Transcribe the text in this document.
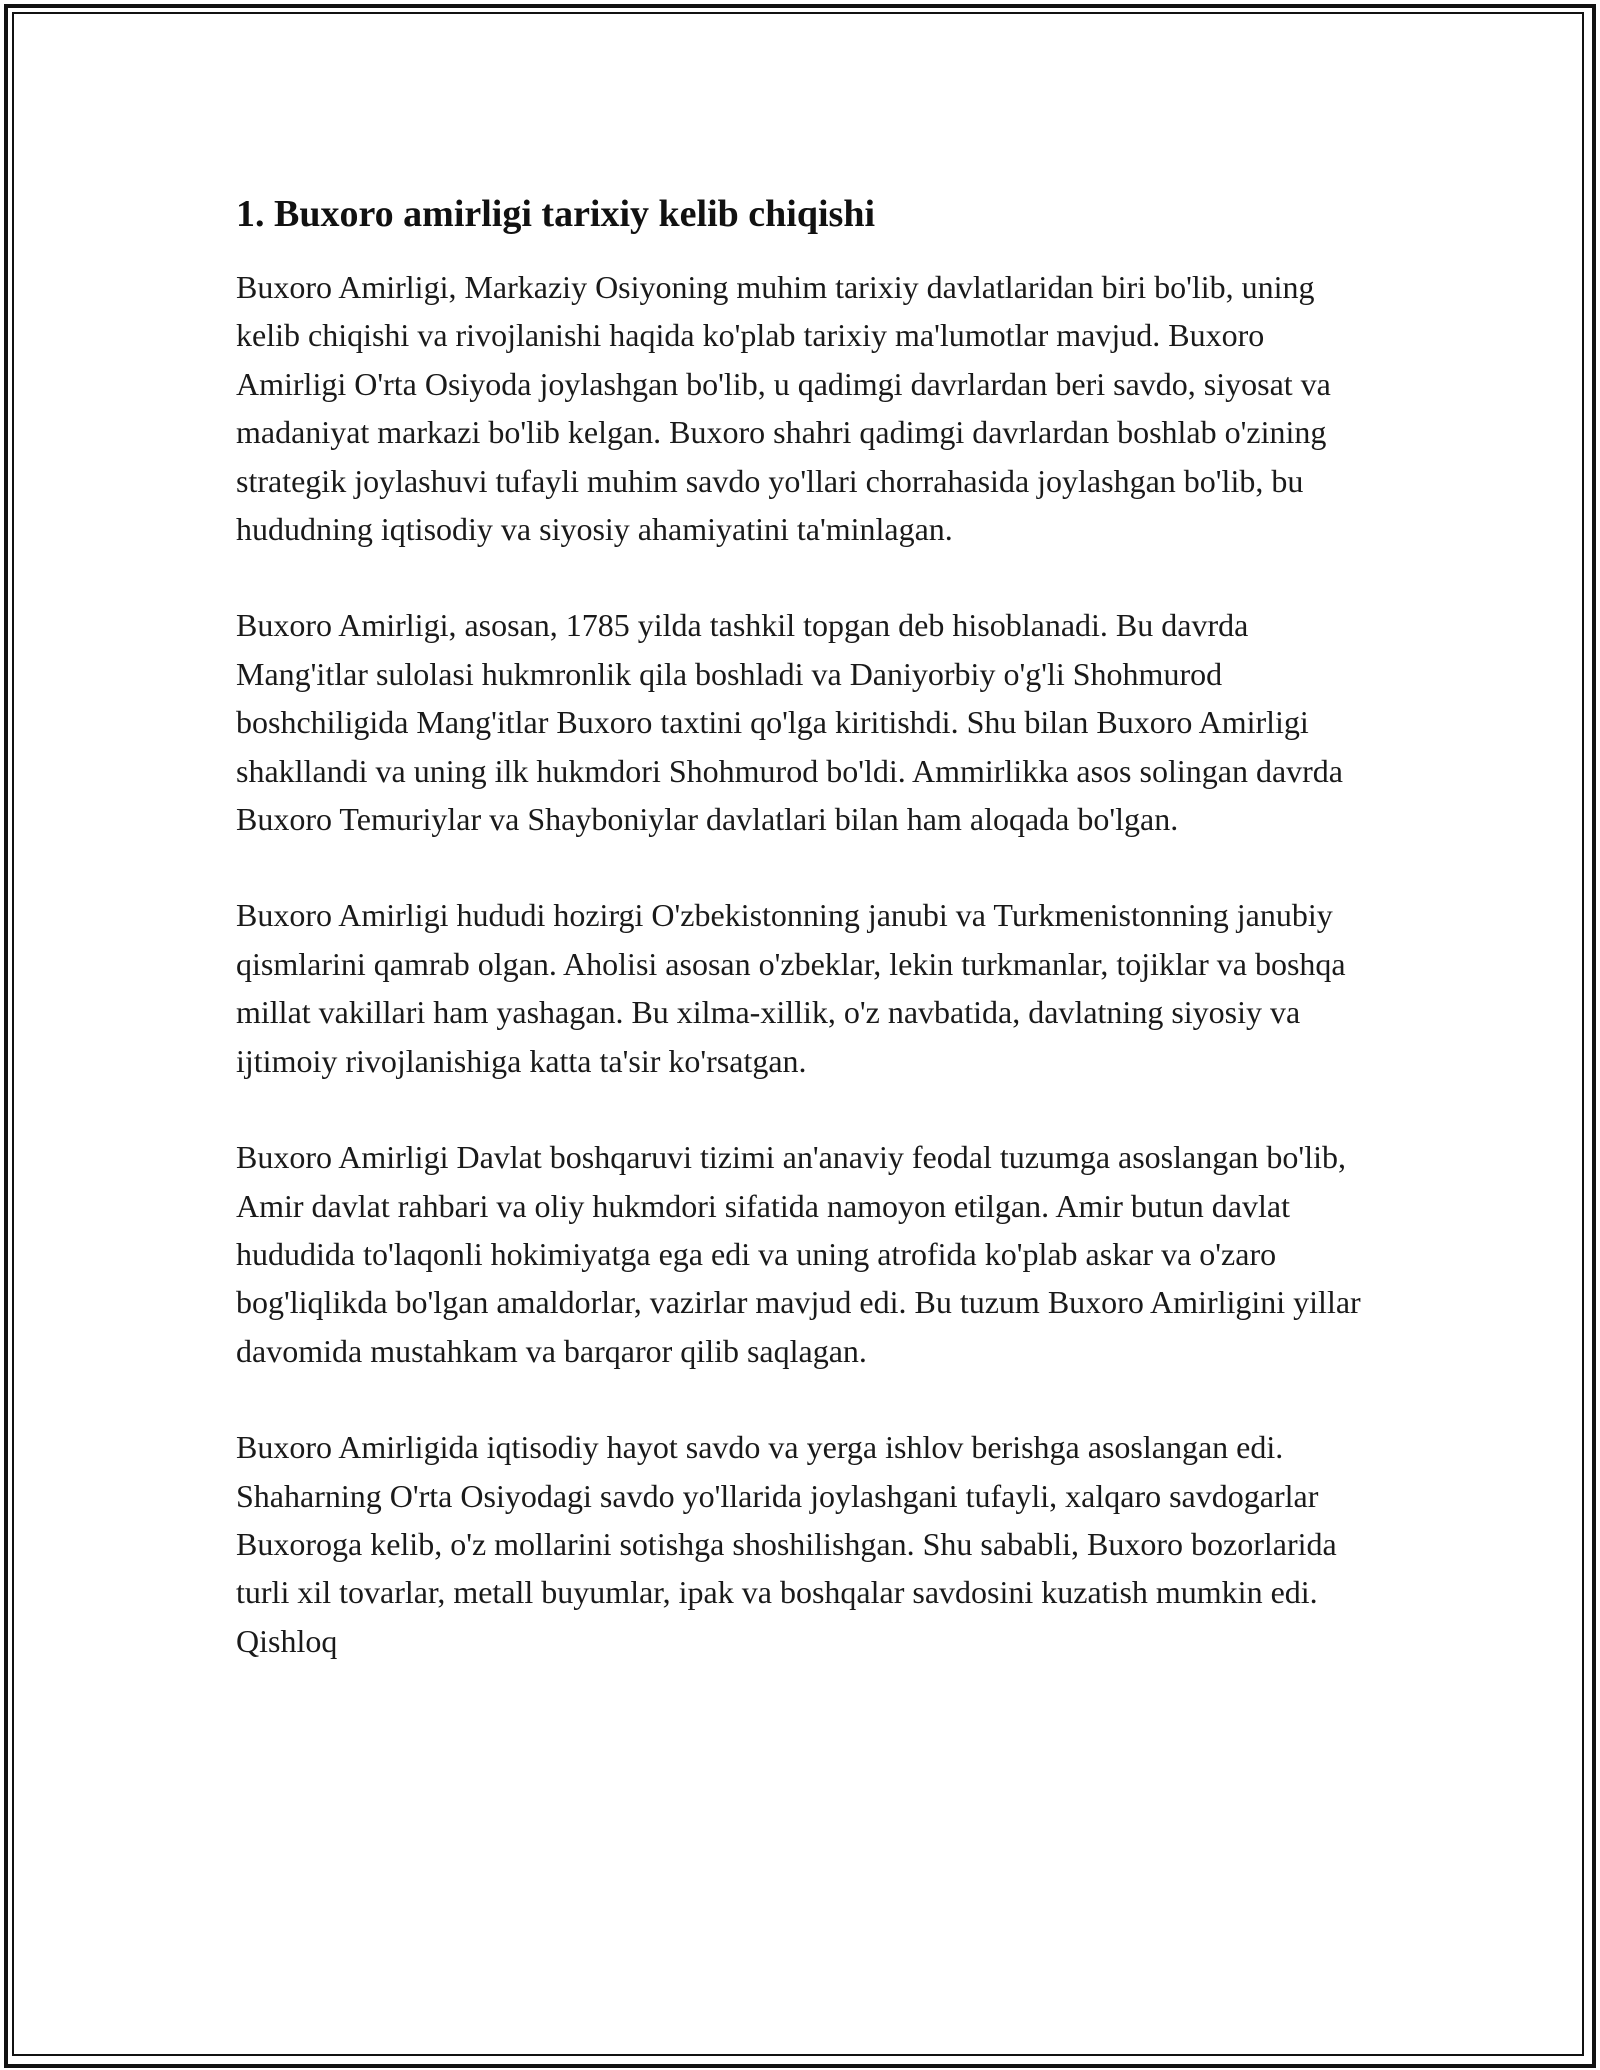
1. Buxoro amirligi tarixiy kelib chiqishi

Buxoro Amirligi, Markaziy Osiyoning muhim tarixiy davlatlaridan biri bo'lib, uning kelib chiqishi va rivojlanishi haqida ko'plab tarixiy ma'lumotlar mavjud. Buxoro Amirligi O'rta Osiyoda joylashgan bo'lib, u qadimgi davrlardan beri savdo, siyosat va madaniyat markazi bo'lib kelgan. Buxoro shahri qadimgi davrlardan boshlab o'zining strategik joylashuvi tufayli muhim savdo yo'llari chorrahasida joylashgan bo'lib, bu hududning iqtisodiy va siyosiy ahamiyatini ta'minlagan.

Buxoro Amirligi, asosan, 1785 yilda tashkil topgan deb hisoblanadi. Bu davrda Mang'itlar sulolasi hukmronlik qila boshladi va Daniyorbiy o'g'li Shohmurod boshchiligida Mang'itlar Buxoro taxtini qo'lga kiritishdi. Shu bilan Buxoro Amirligi shakllandi va uning ilk hukmdori Shohmurod bo'ldi. Ammirlikka asos solingan davrda Buxoro Temuriylar va Shayboniylar davlatlari bilan ham aloqada bo'lgan.

Buxoro Amirligi hududi hozirgi O'zbekistonning janubi va Turkmenistonning janubiy qismlarini qamrab olgan. Aholisi asosan o'zbeklar, lekin turkmanlar, tojiklar va boshqa millat vakillari ham yashagan. Bu xilma-xillik, o'z navbatida, davlatning siyosiy va ijtimoiy rivojlanishiga katta ta'sir ko'rsatgan.

Buxoro Amirligi Davlat boshqaruvi tizimi an'anaviy feodal tuzumga asoslangan bo'lib, Amir davlat rahbari va oliy hukmdori sifatida namoyon etilgan. Amir butun davlat hududida to'laqonli hokimiyatga ega edi va uning atrofida ko'plab askar va o'zaro bog'liqlikda bo'lgan amaldorlar, vazirlar mavjud edi. Bu tuzum Buxoro Amirligini yillar davomida mustahkam va barqaror qilib saqlagan.

Buxoro Amirligida iqtisodiy hayot savdo va yerga ishlov berishga asoslangan edi. Shaharning O'rta Osiyodagi savdo yo'llarida joylashgani tufayli, xalqaro savdogarlar Buxoroga kelib, o'z mollarini sotishga shoshilishgan. Shu sababli, Buxoro bozorlarida turli xil tovarlar, metall buyumlar, ipak va boshqalar savdosini kuzatish mumkin edi. Qishloq
